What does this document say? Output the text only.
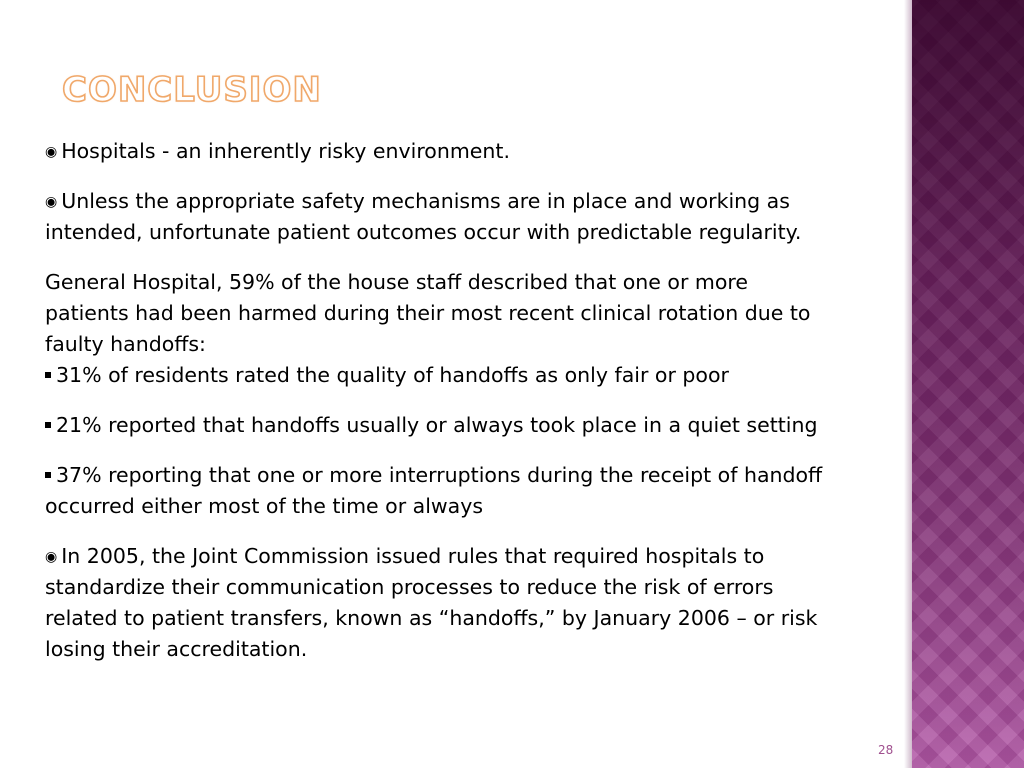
CONCLUSION

◉ Hospitals - an inherently risky environment.

◉ Unless the appropriate safety mechanisms are in place and working as intended, unfortunate patient outcomes occur with predictable regularity.

General Hospital, 59% of the house staff described that one or more patients had been harmed during their most recent clinical rotation due to faulty handoffs:

31% of residents rated the quality of handoffs as only fair or poor

21% reported that handoffs usually or always took place in a quiet setting

37% reporting that one or more interruptions during the receipt of handoff occurred either most of the time or always

◉ In 2005, the Joint Commission issued rules that required hospitals to standardize their communication processes to reduce the risk of errors related to patient transfers, known as “handoffs,” by January 2006 – or risk losing their accreditation.

28
